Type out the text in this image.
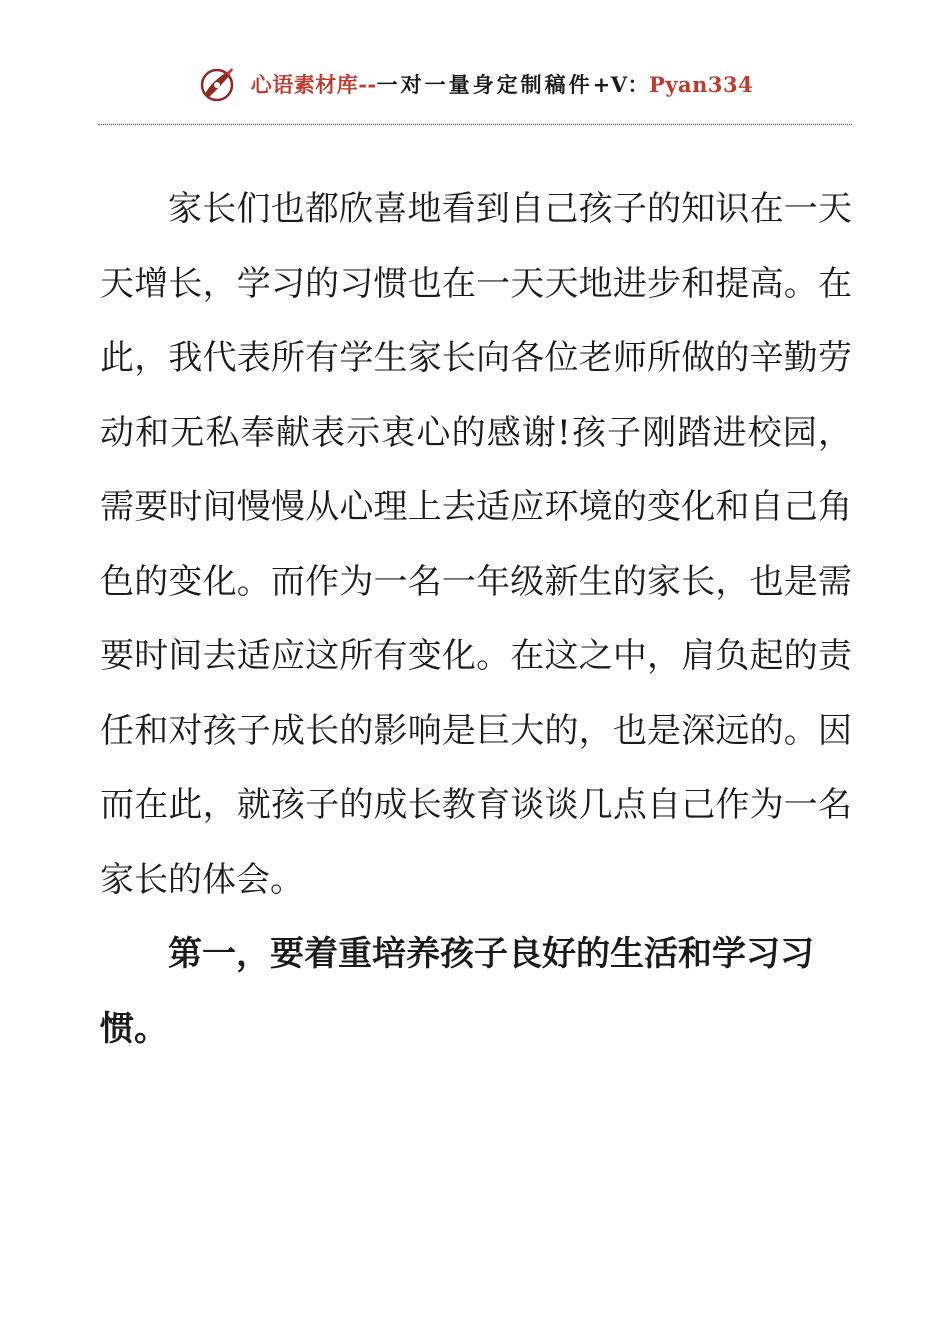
心语素材库--一对一量身定制稿件+V：Pyan334

家长们也都欣喜地看到自己孩子的知识在一天天增长，学习的习惯也在一天天地进步和提高。在此，我代表所有学生家长向各位老师所做的辛勤劳动和无私奉献表示衷心的感谢!孩子刚踏进校园，需要时间慢慢从心理上去适应环境的变化和自己角色的变化。而作为一名一年级新生的家长，也是需要时间去适应这所有变化。在这之中，肩负起的责任和对孩子成长的影响是巨大的，也是深远的。因而在此，就孩子的成长教育谈谈几点自己作为一名家长的体会。

第一，要着重培养孩子良好的生活和学习习惯。
